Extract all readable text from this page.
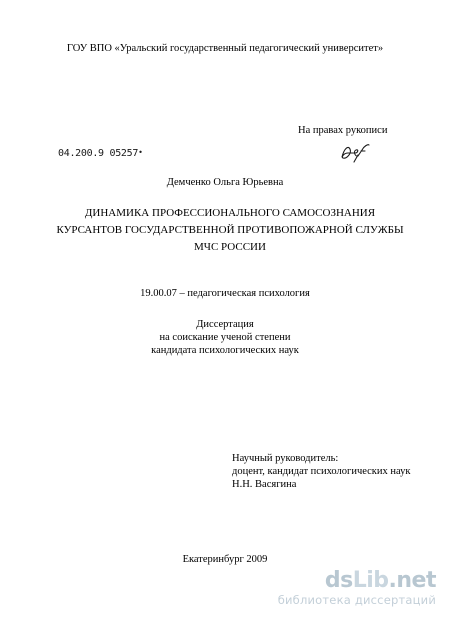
ГОУ ВПО «Уральский государственный педагогический университет»
На правах рукописи
04.200.9 05257•
Демченко Ольга Юрьевна
ДИНАМИКА ПРОФЕССИОНАЛЬНОГО САМОСОЗНАНИЯ
КУРСАНТОВ ГОСУДАРСТВЕННОЙ ПРОТИВОПОЖАРНОЙ СЛУЖБЫ
МЧС РОССИИ
19.00.07 – педагогическая психология
Диссертация
на соискание ученой степени
кандидата психологических наук
Научный руководитель:
доцент, кандидат психологических наук
Н.Н. Васягина
Екатеринбург 2009
dsLib.net
библиотека диссертаций
